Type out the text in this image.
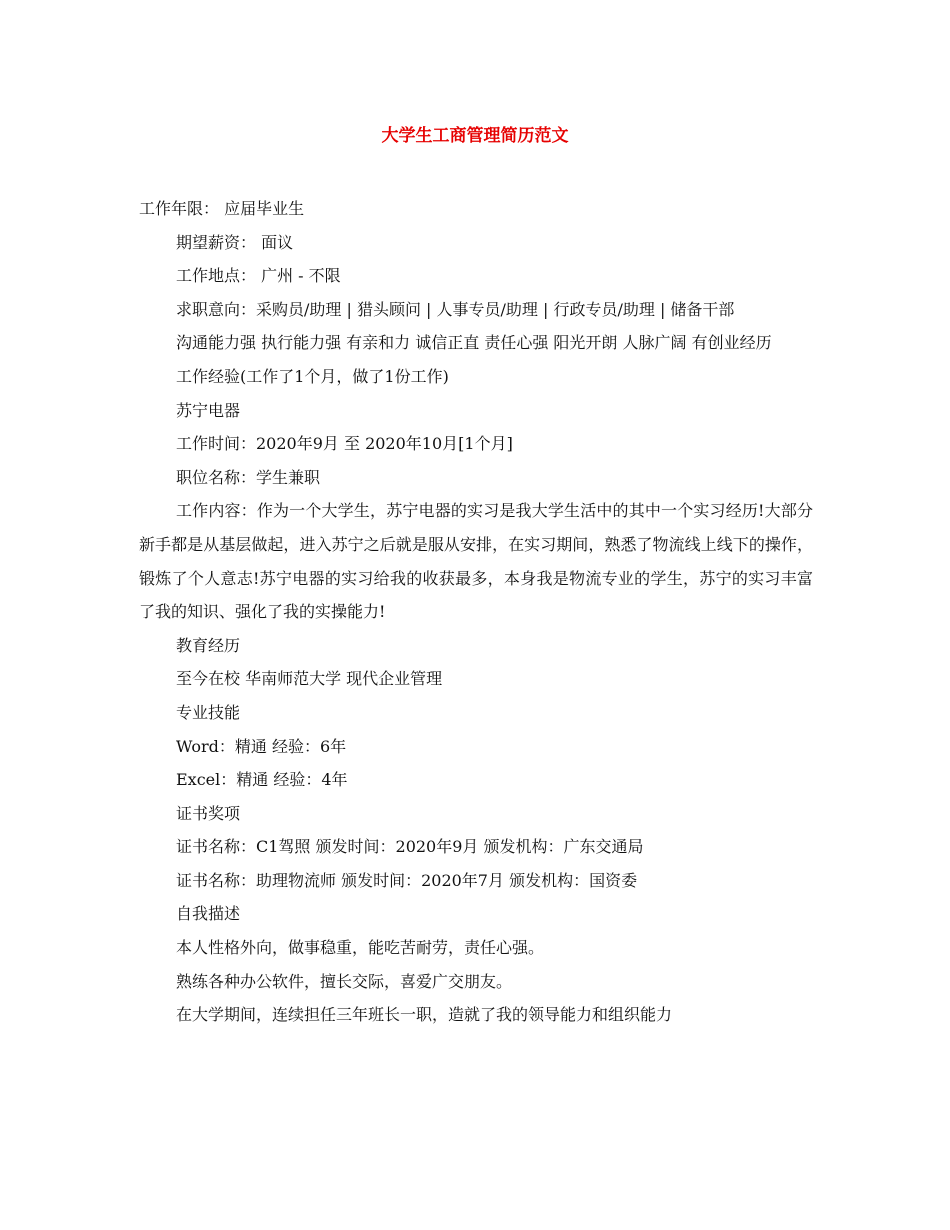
大学生工商管理简历范文

工作年限： 应届毕业生

期望薪资： 面议

工作地点： 广州 - 不限

求职意向：采购员/助理 | 猎头顾问 | 人事专员/助理 | 行政专员/助理 | 储备干部

沟通能力强 执行能力强 有亲和力 诚信正直 责任心强 阳光开朗 人脉广阔 有创业经历

工作经验(工作了1个月，做了1份工作)

苏宁电器

工作时间：2020年9月 至 2020年10月[1个月]

职位名称：学生兼职

工作内容：作为一个大学生，苏宁电器的实习是我大学生活中的其中一个实习经历!大部分新手都是从基层做起，进入苏宁之后就是服从安排，在实习期间，熟悉了物流线上线下的操作，锻炼了个人意志!苏宁电器的实习给我的收获最多，本身我是物流专业的学生，苏宁的实习丰富了我的知识、强化了我的实操能力!

教育经历

至今在校 华南师范大学 现代企业管理

专业技能

Word：精通 经验：6年

Excel：精通 经验：4年

证书奖项

证书名称：C1驾照 颁发时间：2020年9月 颁发机构：广东交通局

证书名称：助理物流师 颁发时间：2020年7月 颁发机构：国资委

自我描述

本人性格外向，做事稳重，能吃苦耐劳，责任心强。

熟练各种办公软件，擅长交际，喜爱广交朋友。

在大学期间，连续担任三年班长一职，造就了我的领导能力和组织能力
